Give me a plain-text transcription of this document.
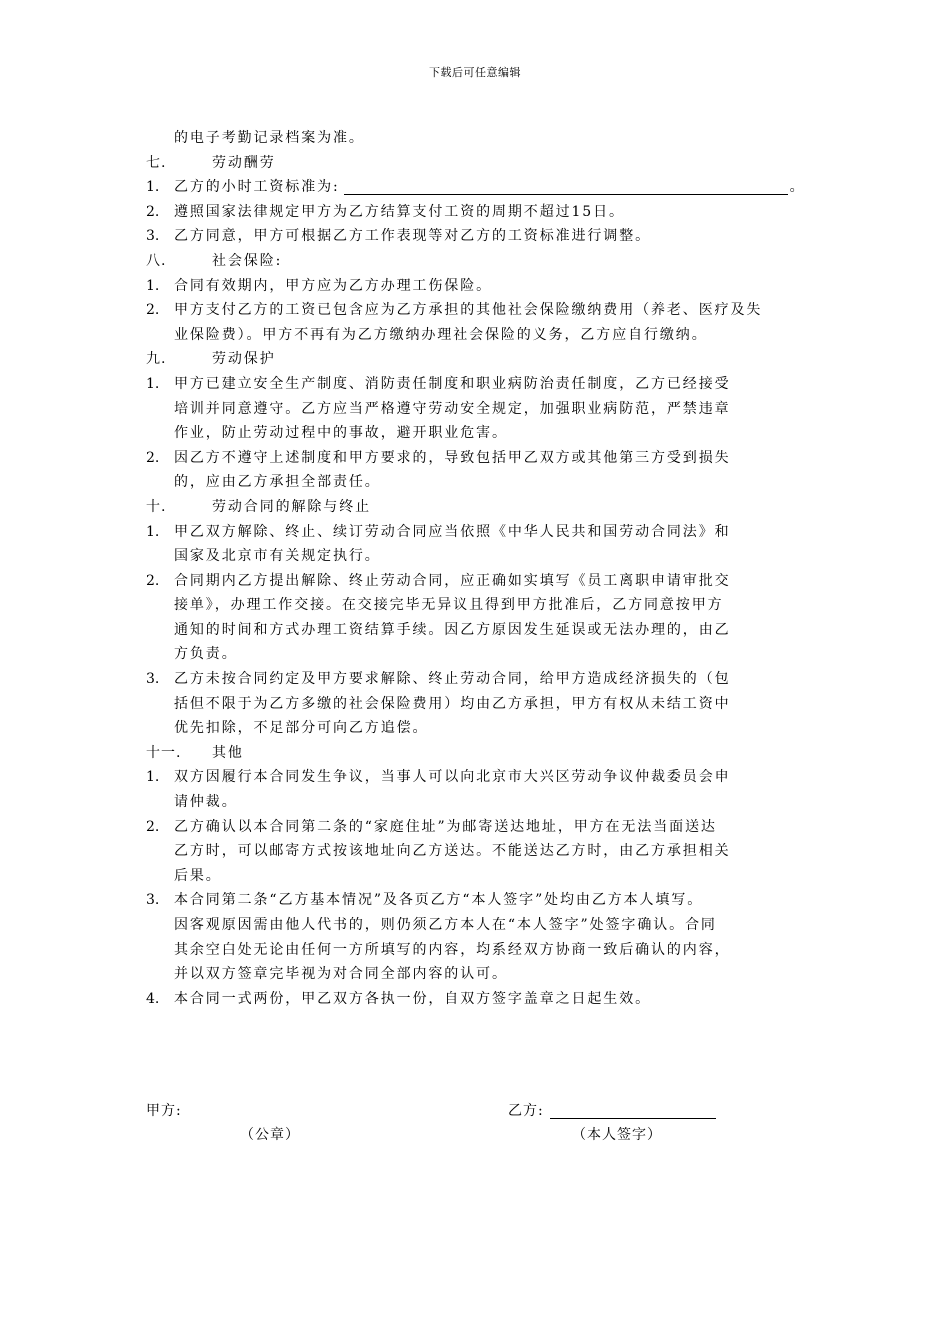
下载后可任意编辑
的电子考勤记录档案为准。
七.	劳动酬劳
1. 乙方的小时工资标准为:	。
2. 遵照国家法律规定甲方为乙方结算支付工资的周期不超过15日。
3. 乙方同意，甲方可根据乙方工作表现等对乙方的工资标准进行调整。
八.	社会保险:
1. 合同有效期内，甲方应为乙方办理工伤保险。
2. 甲方支付乙方的工资已包含应为乙方承担的其他社会保险缴纳费用（养老、医疗及失
业保险费）。甲方不再有为乙方缴纳办理社会保险的义务，乙方应自行缴纳。
九.	劳动保护
1. 甲方已建立安全生产制度、消防责任制度和职业病防治责任制度，乙方已经接受
培训并同意遵守。乙方应当严格遵守劳动安全规定，加强职业病防范，严禁违章
作业，防止劳动过程中的事故，避开职业危害。
2. 因乙方不遵守上述制度和甲方要求的，导致包括甲乙双方或其他第三方受到损失
的，应由乙方承担全部责任。
十.	劳动合同的解除与终止
1. 甲乙双方解除、终止、续订劳动合同应当依照《中华人民共和国劳动合同法》和
国家及北京市有关规定执行。
2. 合同期内乙方提出解除、终止劳动合同，应正确如实填写《员工离职申请审批交
接单》，办理工作交接。在交接完毕无异议且得到甲方批准后，乙方同意按甲方
通知的时间和方式办理工资结算手续。因乙方原因发生延误或无法办理的，由乙
方负责。
3. 乙方未按合同约定及甲方要求解除、终止劳动合同，给甲方造成经济损失的（包
括但不限于为乙方多缴的社会保险费用）均由乙方承担，甲方有权从未结工资中
优先扣除，不足部分可向乙方追偿。
十一. 其他
1. 双方因履行本合同发生争议，当事人可以向北京市大兴区劳动争议仲裁委员会申
请仲裁。
2. 乙方确认以本合同第二条的“家庭住址”为邮寄送达地址，甲方在无法当面送达
乙方时，可以邮寄方式按该地址向乙方送达。不能送达乙方时，由乙方承担相关
后果。
3. 本合同第二条“乙方基本情况”及各页乙方“本人签字”处均由乙方本人填写。
因客观原因需由他人代书的，则仍须乙方本人在“本人签字”处签字确认。合同
其余空白处无论由任何一方所填写的内容，均系经双方协商一致后确认的内容，
并以双方签章完毕视为对合同全部内容的认可。
4. 本合同一式两份，甲乙双方各执一份，自双方签字盖章之日起生效。
甲方:
（公章）
乙方:
（本人签字）
